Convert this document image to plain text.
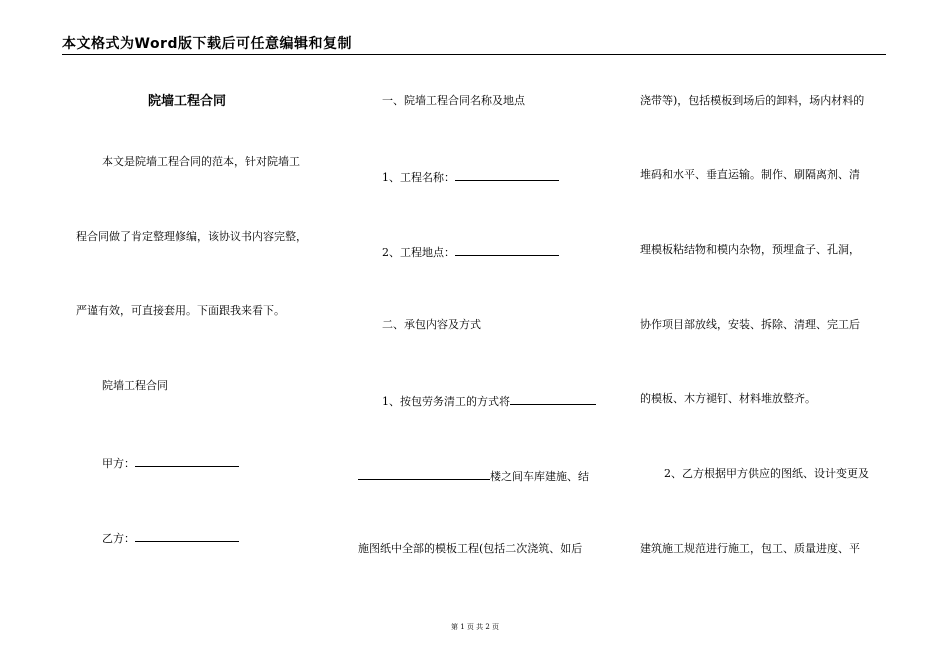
本文格式为Word版下载后可任意编辑和复制
院墙工程合同
本文是院墙工程合同的范本，针对院墙工
程合同做了肯定整理修编，该协议书内容完整，
严谨有效，可直接套用。下面跟我来看下。
院墙工程合同
甲方：
乙方：
一、院墙工程合同名称及地点
1、工程名称：
2、工程地点：
二、承包内容及方式
1、按包劳务清工的方式将
楼之间车库建施、结
施图纸中全部的模板工程(包括二次浇筑、如后
浇带等)，包括模板到场后的卸料，场内材料的
堆码和水平、垂直运输。制作、刷隔离剂、清
理模板粘结物和模内杂物，预埋盒子、孔洞，
协作项目部放线，安装、拆除、清理、完工后
的模板、木方褪钉、材料堆放整齐。
2、乙方根据甲方供应的图纸、设计变更及
建筑施工规范进行施工，包工、质量进度、平
第 1 页 共 2 页
